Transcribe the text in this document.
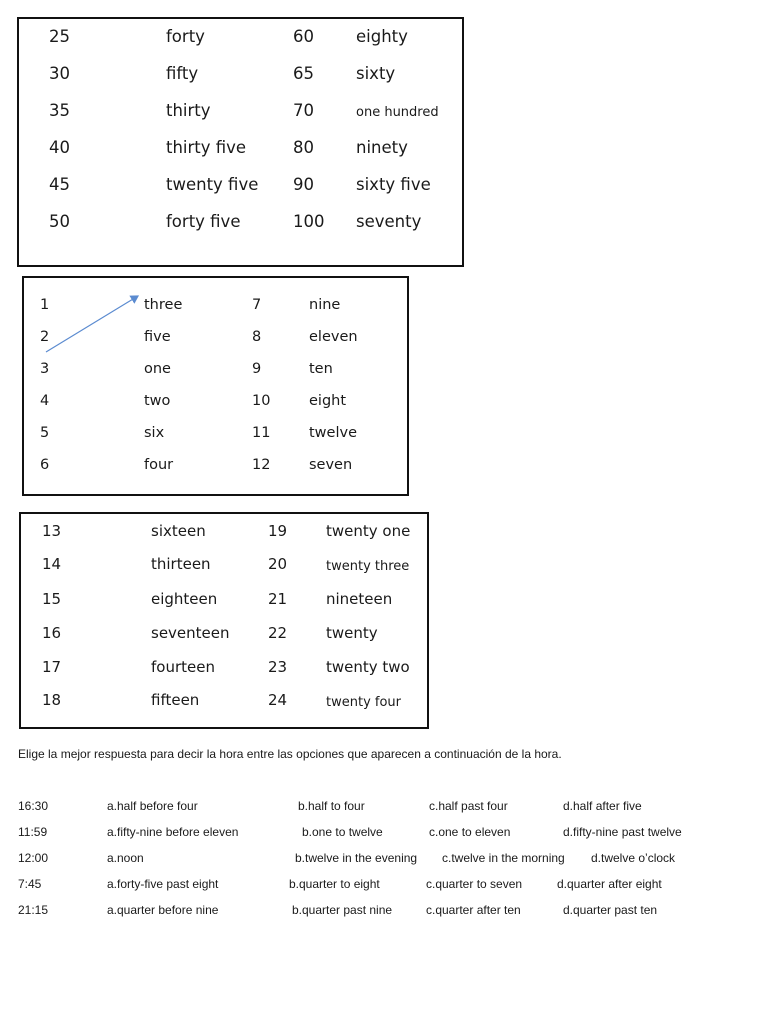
25	forty	60	eighty
30	fifty	65	sixty
35	thirty	70	one hundred
40	thirty five	80	ninety
45	twenty five 90	sixty five
50	forty five	100 seventy
1	three	7	nine
2	five	8	eleven
3	one	9	ten
4	two	10	eight
5	six	11	twelve
6	four	12	seven
13	sixteen	19	twenty one
14	thirteen	20	twenty three
15	eighteen	21	nineteen
16	seventeen	22	twenty
17	fourteen	23	twenty two
18	fifteen	24	twenty four
Elige la mejor respuesta para decir la hora entre las opciones que aparecen a continuación de la hora.
16:30	a.half before four	b.half to four	c.half past four	d.half after five
11:59	a.fifty-nine before eleven	b.one to twelve	c.one to eleven	d.fifty-nine past twelve
12:00	a.noon	b.twelve in the evening c.twelve in the morning d.twelve o’clock
7:45	a.forty-five past eight	b.quarter to eight	c.quarter to seven	d.quarter after eight
21:15	a.quarter before nine	b.quarter past nine	c.quarter after ten	d.quarter past ten
